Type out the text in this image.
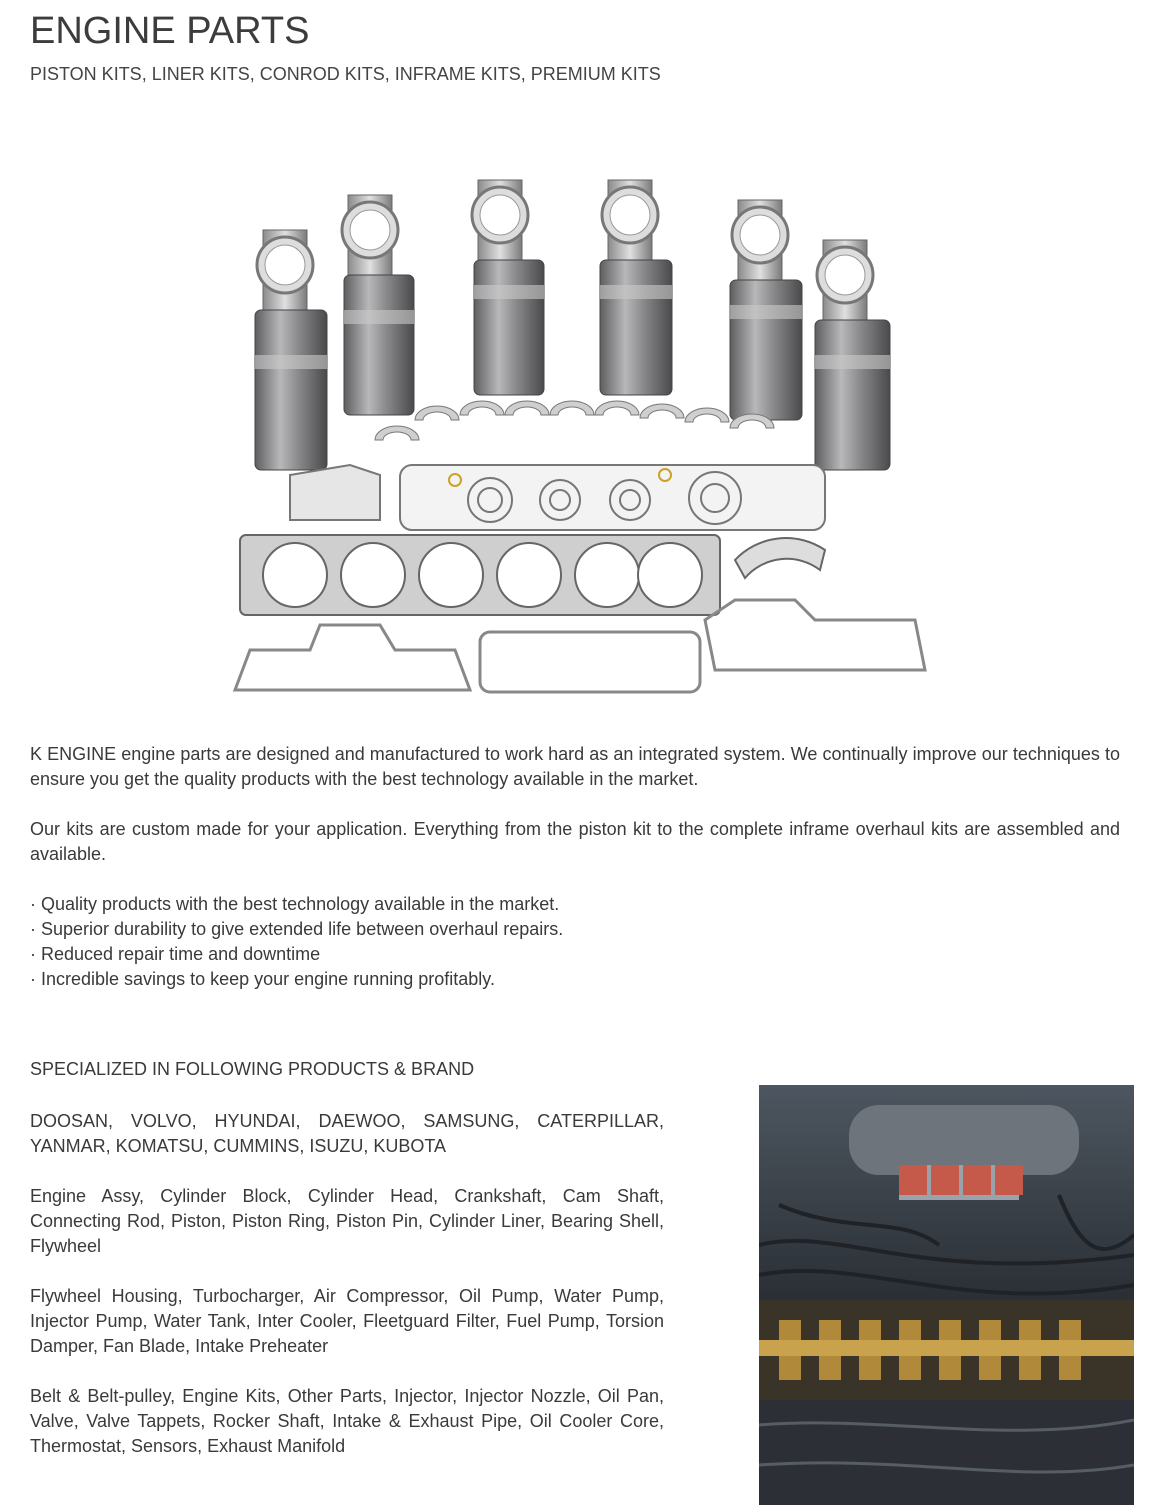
ENGINE PARTS
PISTON KITS, LINER KITS, CONROD KITS, INFRAME KITS, PREMIUM KITS
K ENGINE engine parts are designed and manufactured to work hard as an integrated system. We continually improve our techniques to ensure you get the quality products with the best technology available in the market.
Our kits are custom made for your application. Everything from the piston kit to the complete inframe overhaul kits are assembled and available.
· Quality products with the best technology available in the market.
· Superior durability to give extended life between overhaul repairs.
· Reduced repair time and downtime
· Incredible savings to keep your engine running profitably.
SPECIALIZED IN FOLLOWING PRODUCTS & BRAND
DOOSAN, VOLVO, HYUNDAI, DAEWOO, SAMSUNG, CATERPILLAR, YANMAR, KOMATSU, CUMMINS, ISUZU, KUBOTA
Engine Assy, Cylinder Block, Cylinder Head, Crankshaft, Cam Shaft, Connecting Rod, Piston, Piston Ring, Piston Pin, Cylinder Liner, Bearing Shell, Flywheel
Flywheel Housing, Turbocharger, Air Compressor, Oil Pump, Water Pump, Injector Pump, Water Tank, Inter Cooler, Fleetguard Filter, Fuel Pump, Torsion Damper, Fan Blade, Intake Preheater
Belt & Belt-pulley, Engine Kits, Other Parts, Injector, Injector Nozzle, Oil Pan, Valve, Valve Tappets, Rocker Shaft, Intake & Exhaust Pipe, Oil Cooler Core, Thermostat, Sensors, Exhaust Manifold
